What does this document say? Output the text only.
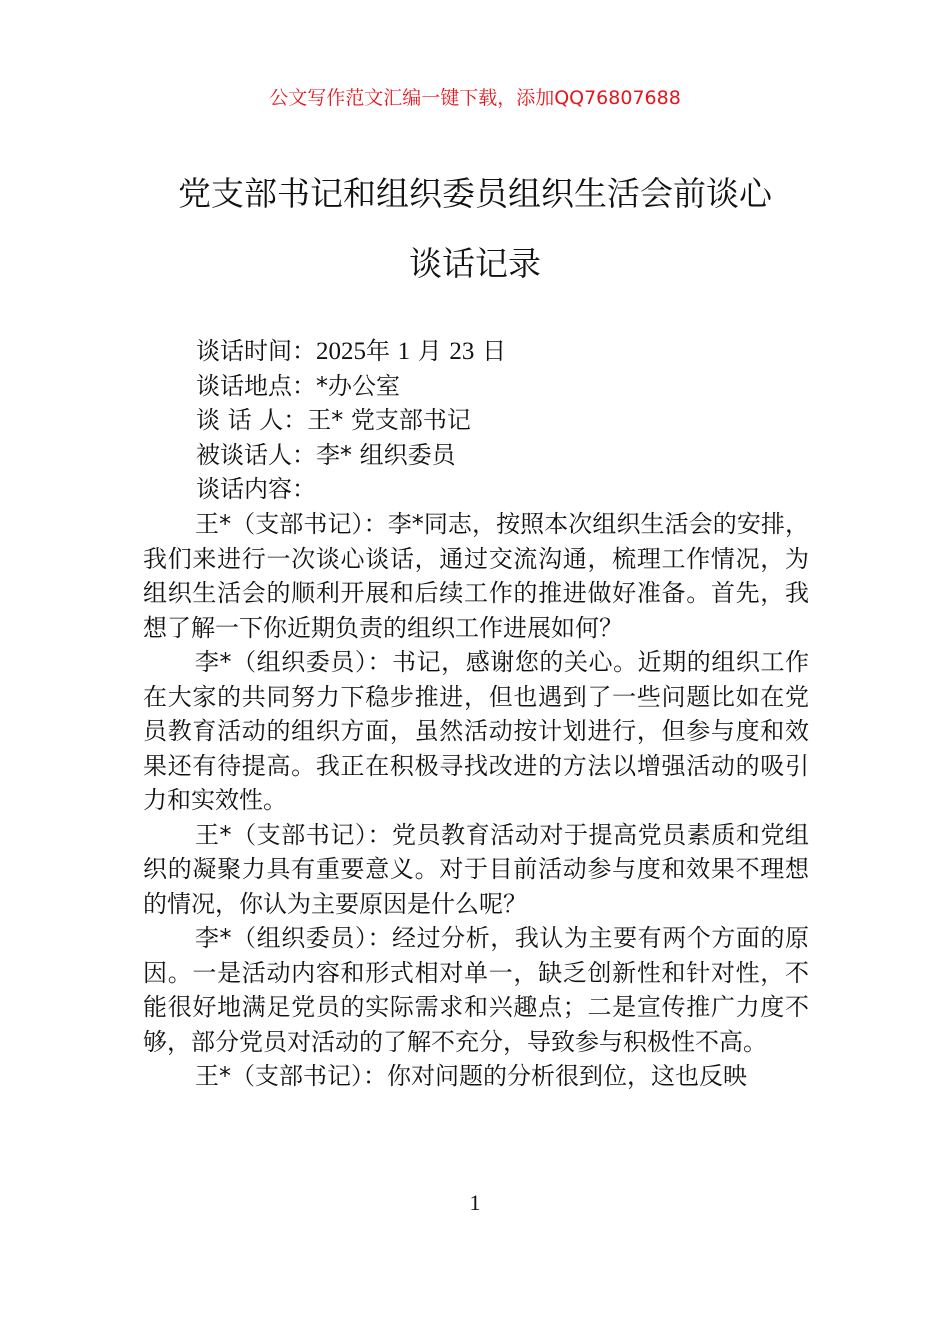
公文写作范文汇编一键下载，添加QQ76807688
党支部书记和组织委员组织生活会前谈心
谈话记录
谈话时间：2025年 1 月 23 日
谈话地点：*办公室
谈 话 人：王* 党支部书记
被谈话人：李* 组织委员
谈话内容：

王*（支部书记）：李*同志，按照本次组织生活会的安排，我们来进行一次谈心谈话，通过交流沟通，梳理工作情况，为组织生活会的顺利开展和后续工作的推进做好准备。首先，我想了解一下你近期负责的组织工作进展如何？

李*（组织委员）：书记，感谢您的关心。近期的组织工作在大家的共同努力下稳步推进，但也遇到了一些问题比如在党员教育活动的组织方面，虽然活动按计划进行，但参与度和效果还有待提高。我正在积极寻找改进的方法以增强活动的吸引力和实效性。

王*（支部书记）：党员教育活动对于提高党员素质和党组织的凝聚力具有重要意义。对于目前活动参与度和效果不理想的情况，你认为主要原因是什么呢？

李*（组织委员）：经过分析，我认为主要有两个方面的原因。一是活动内容和形式相对单一，缺乏创新性和针对性，不能很好地满足党员的实际需求和兴趣点；二是宣传推广力度不够，部分党员对活动的了解不充分，导致参与积极性不高。

王*（支部书记）：你对问题的分析很到位，这也反映

1
